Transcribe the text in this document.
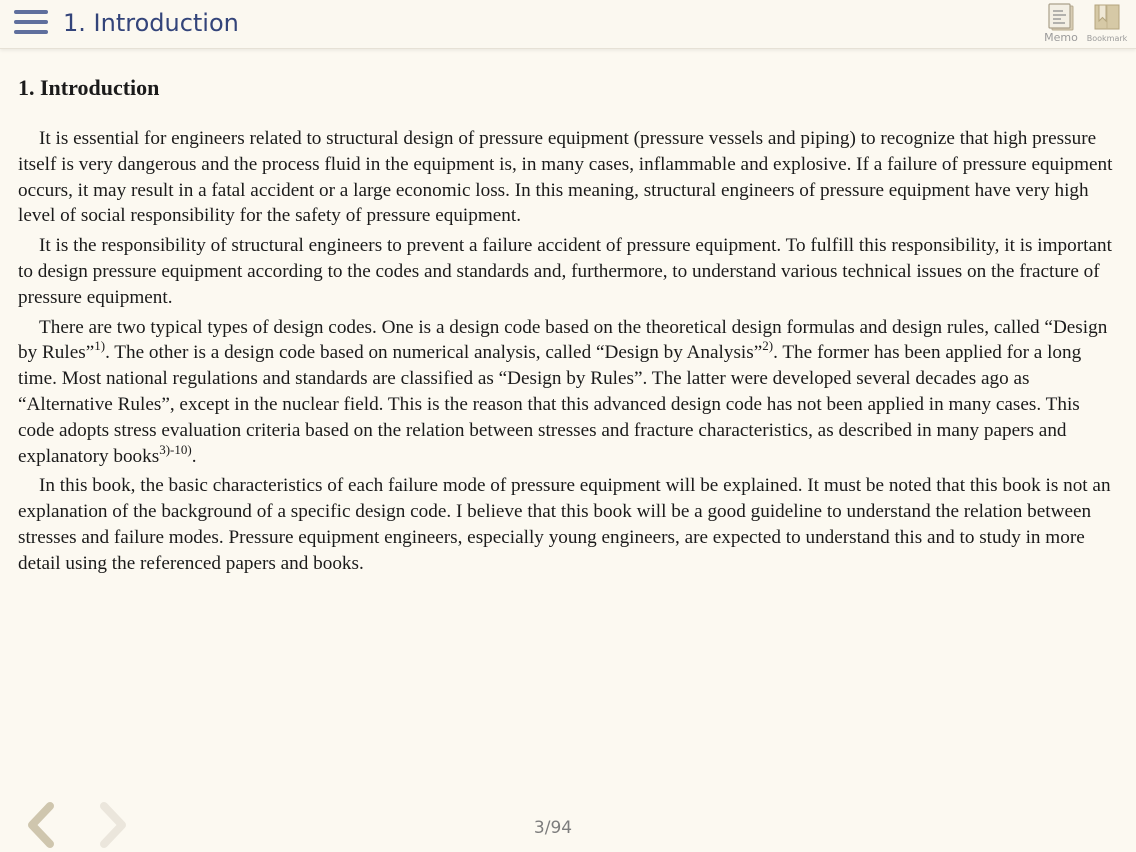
1. Introduction
Memo	Bookmark
1. Introduction

It is essential for engineers related to structural design of pressure equipment (pressure vessels and piping) to recognize that high pressure itself is very dangerous and the process fluid in the equipment is, in many cases, inflammable and explosive. If a failure of pressure equipment occurs, it may result in a fatal accident or a large economic loss. In this meaning, structural engineers of pressure equipment have very high level of social responsibility for the safety of pressure equipment.

It is the responsibility of structural engineers to prevent a failure accident of pressure equipment. To fulfill this responsibility, it is important to design pressure equipment according to the codes and standards and, furthermore, to understand various technical issues on the fracture of pressure equipment.

There are two typical types of design codes. One is a design code based on the theoretical design formulas and design rules, called “Design by Rules”$^{1)}$. The other is a design code based on numerical analysis, called “Design by Analysis”$^{2)}$. The former has been applied for a long time. Most national regulations and standards are classified as “Design by Rules”. The latter were developed several decades ago as “Alternative Rules”, except in the nuclear field. This is the reason that this advanced design code has not been applied in many cases. This code adopts stress evaluation criteria based on the relation between stresses and fracture characteristics, as described in many papers and explanatory books$^{3)-10)}$.

In this book, the basic characteristics of each failure mode of pressure equipment will be explained. It must be noted that this book is not an explanation of the background of a specific design code. I believe that this book will be a good guideline to understand the relation between stresses and failure modes. Pressure equipment engineers, especially young engineers, are expected to understand this and to study in more detail using the referenced papers and books.

3/94
